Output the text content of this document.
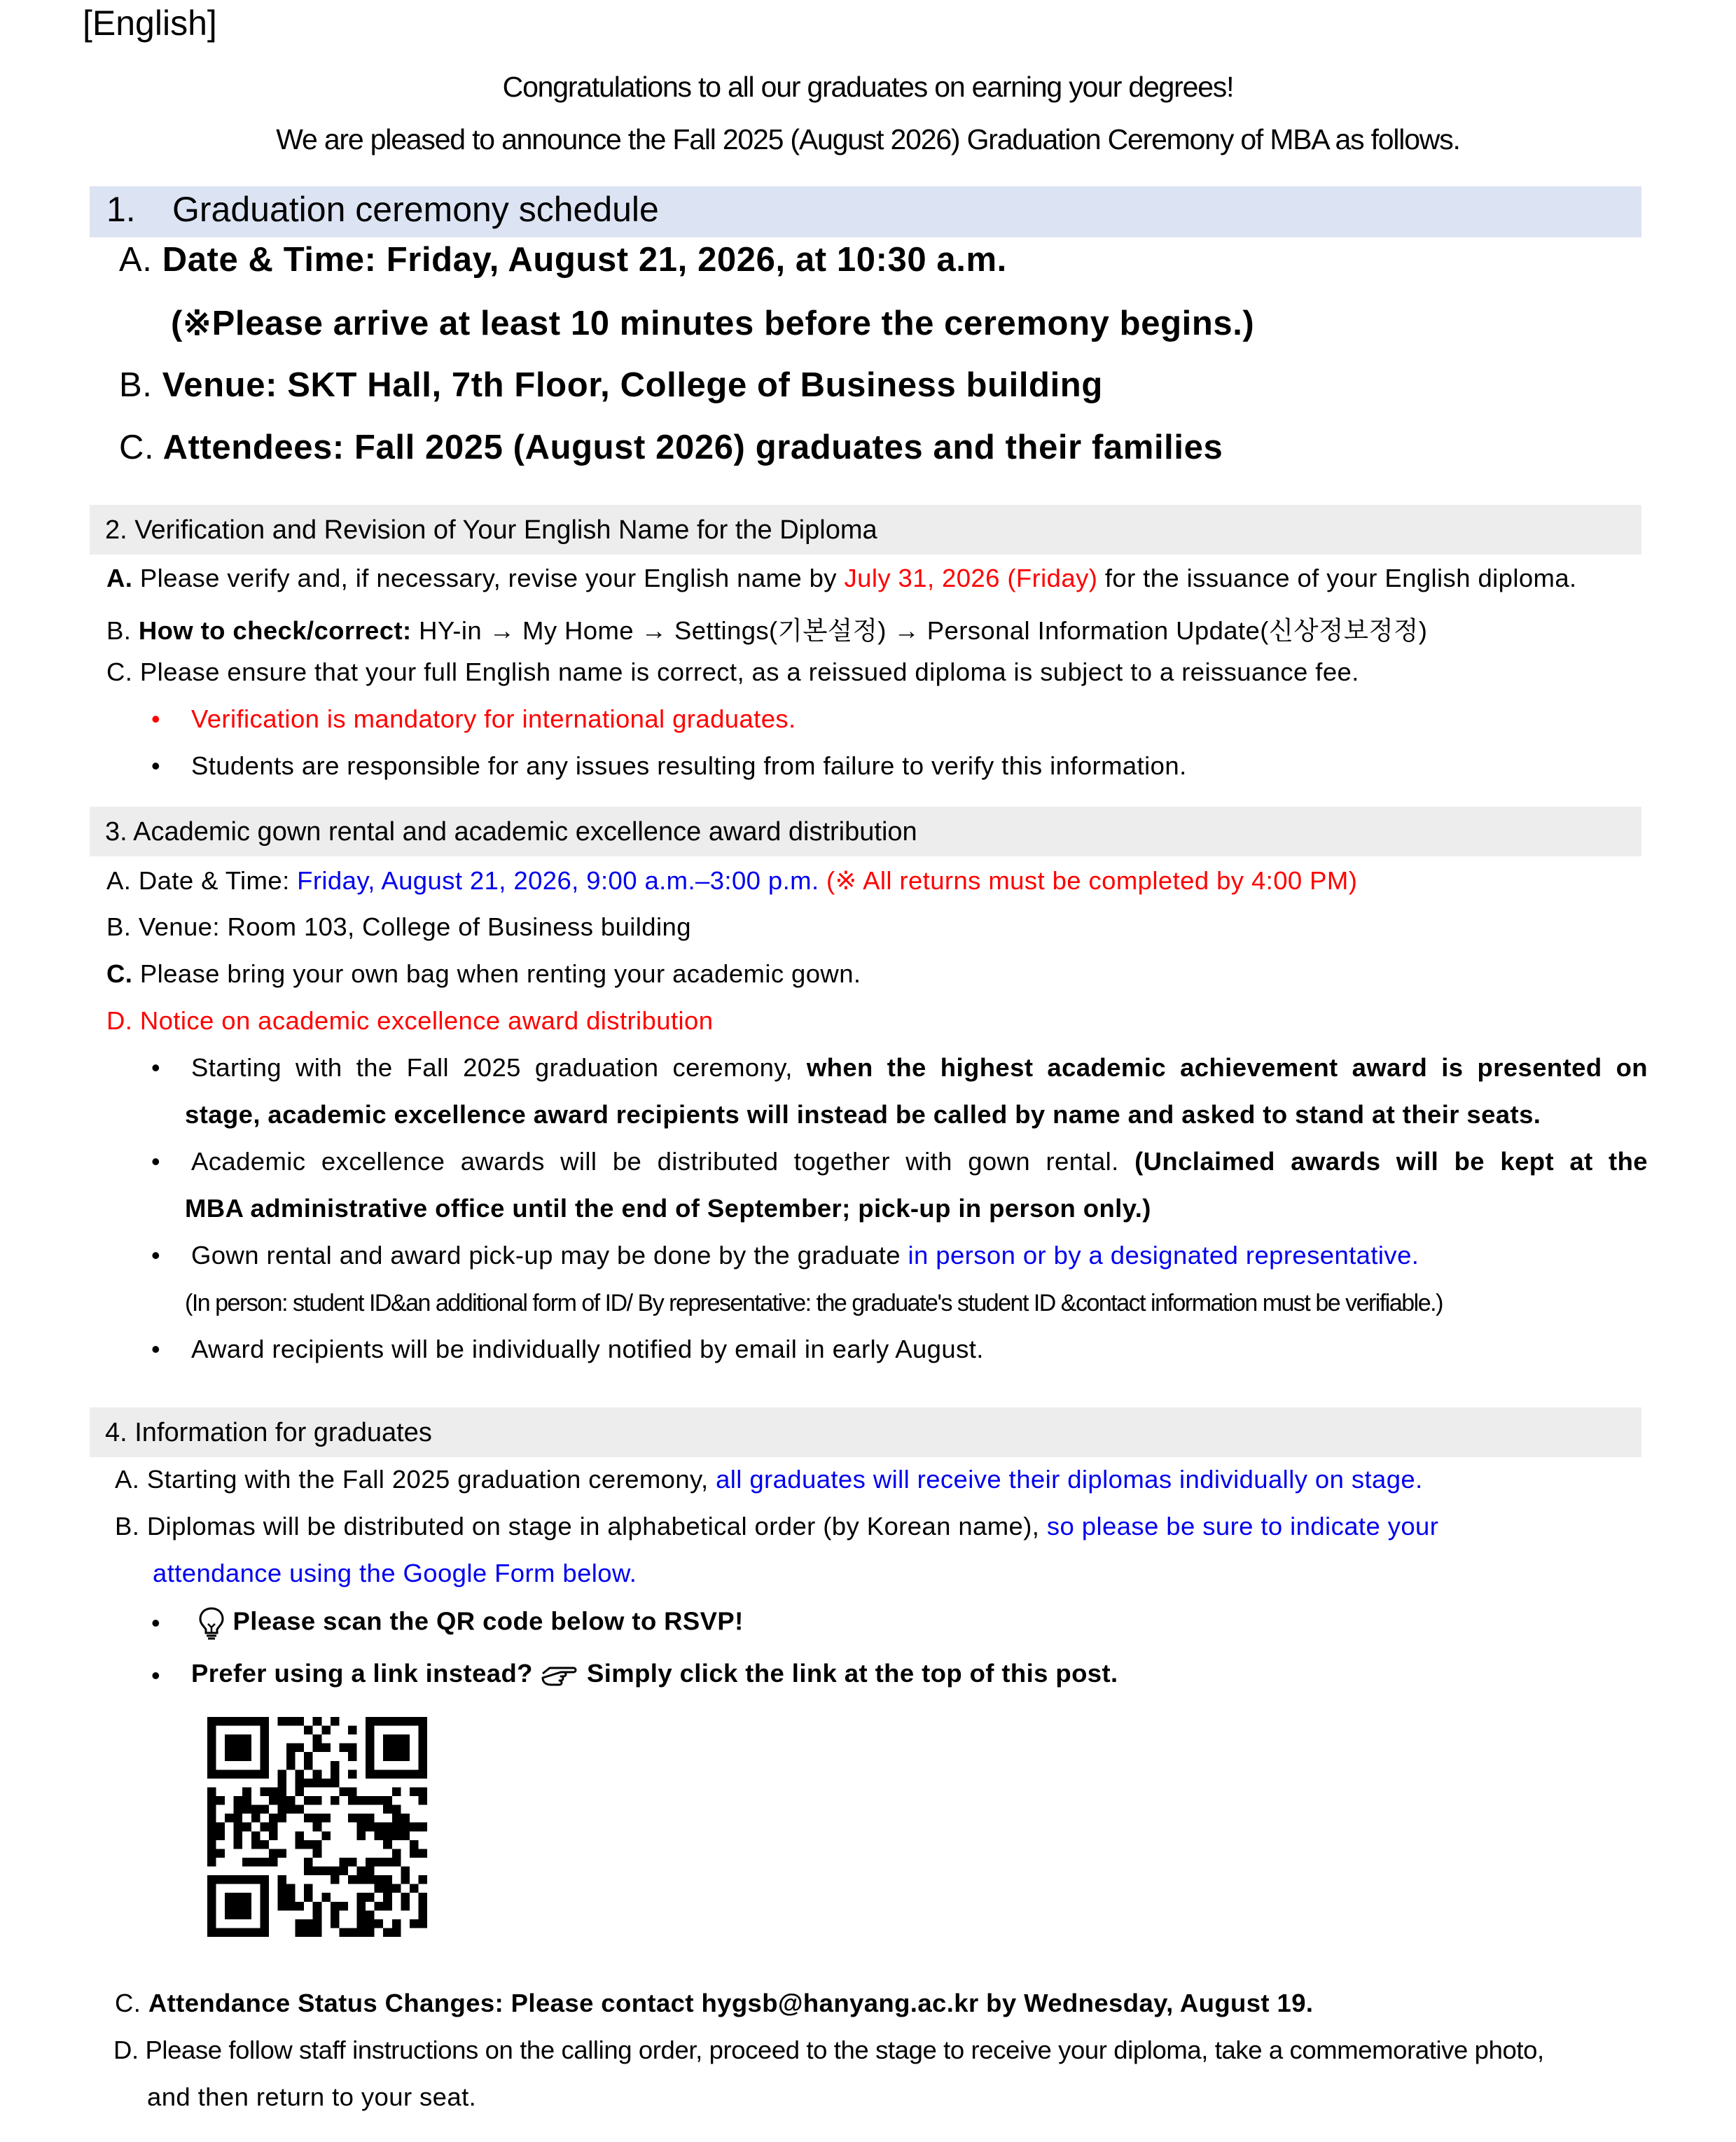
[English]
Congratulations to all our graduates on earning your degrees!
We are pleased to announce the Fall 2025 (August 2026) Graduation Ceremony of MBA as follows.
1. Graduation ceremony schedule
A. Date & Time: Friday, August 21, 2026, at 10:30 a.m.
(※Please arrive at least 10 minutes before the ceremony begins.)
B. Venue: SKT Hall, 7th Floor, College of Business building
C. Attendees: Fall 2025 (August 2026) graduates and their families
2. Verification and Revision of Your English Name for the Diploma
A. Please verify and, if necessary, revise your English name by July 31, 2026 (Friday) for the issuance of your English diploma.
B. How to check/correct: HY-in → My Home → Settings(기본설정) → Personal Information Update(신상정보정정)
C. Please ensure that your full English name is correct, as a reissued diploma is subject to a reissuance fee.
• Verification is mandatory for international graduates.
• Students are responsible for any issues resulting from failure to verify this information.
3. Academic gown rental and academic excellence award distribution
A. Date & Time: Friday, August 21, 2026, 9:00 a.m.–3:00 p.m. (※ All returns must be completed by 4:00 PM)
B. Venue: Room 103, College of Business building
C. Please bring your own bag when renting your academic gown.
D. Notice on academic excellence award distribution
• Starting with the Fall 2025 graduation ceremony, when the highest academic achievement award is presented on
stage, academic excellence award recipients will instead be called by name and asked to stand at their seats.
• Academic excellence awards will be distributed together with gown rental. (Unclaimed awards will be kept at the
MBA administrative office until the end of September; pick-up in person only.)
• Gown rental and award pick-up may be done by the graduate in person or by a designated representative.
(In person: student ID&an additional form of ID/ By representative: the graduate's student ID &contact information must be verifiable.)
• Award recipients will be individually notified by email in early August.
4. Information for graduates
A. Starting with the Fall 2025 graduation ceremony, all graduates will receive their diplomas individually on stage.
B. Diplomas will be distributed on stage in alphabetical order (by Korean name), so please be sure to indicate your
attendance using the Google Form below.
•	Please scan the QR code below to RSVP!
• Prefer using a link instead? Simply click the link at the top of this post.
C. Attendance Status Changes: Please contact hygsb@hanyang.ac.kr by Wednesday, August 19.
D. Please follow staff instructions on the calling order, proceed to the stage to receive your diploma, take a commemorative photo,
and then return to your seat.
